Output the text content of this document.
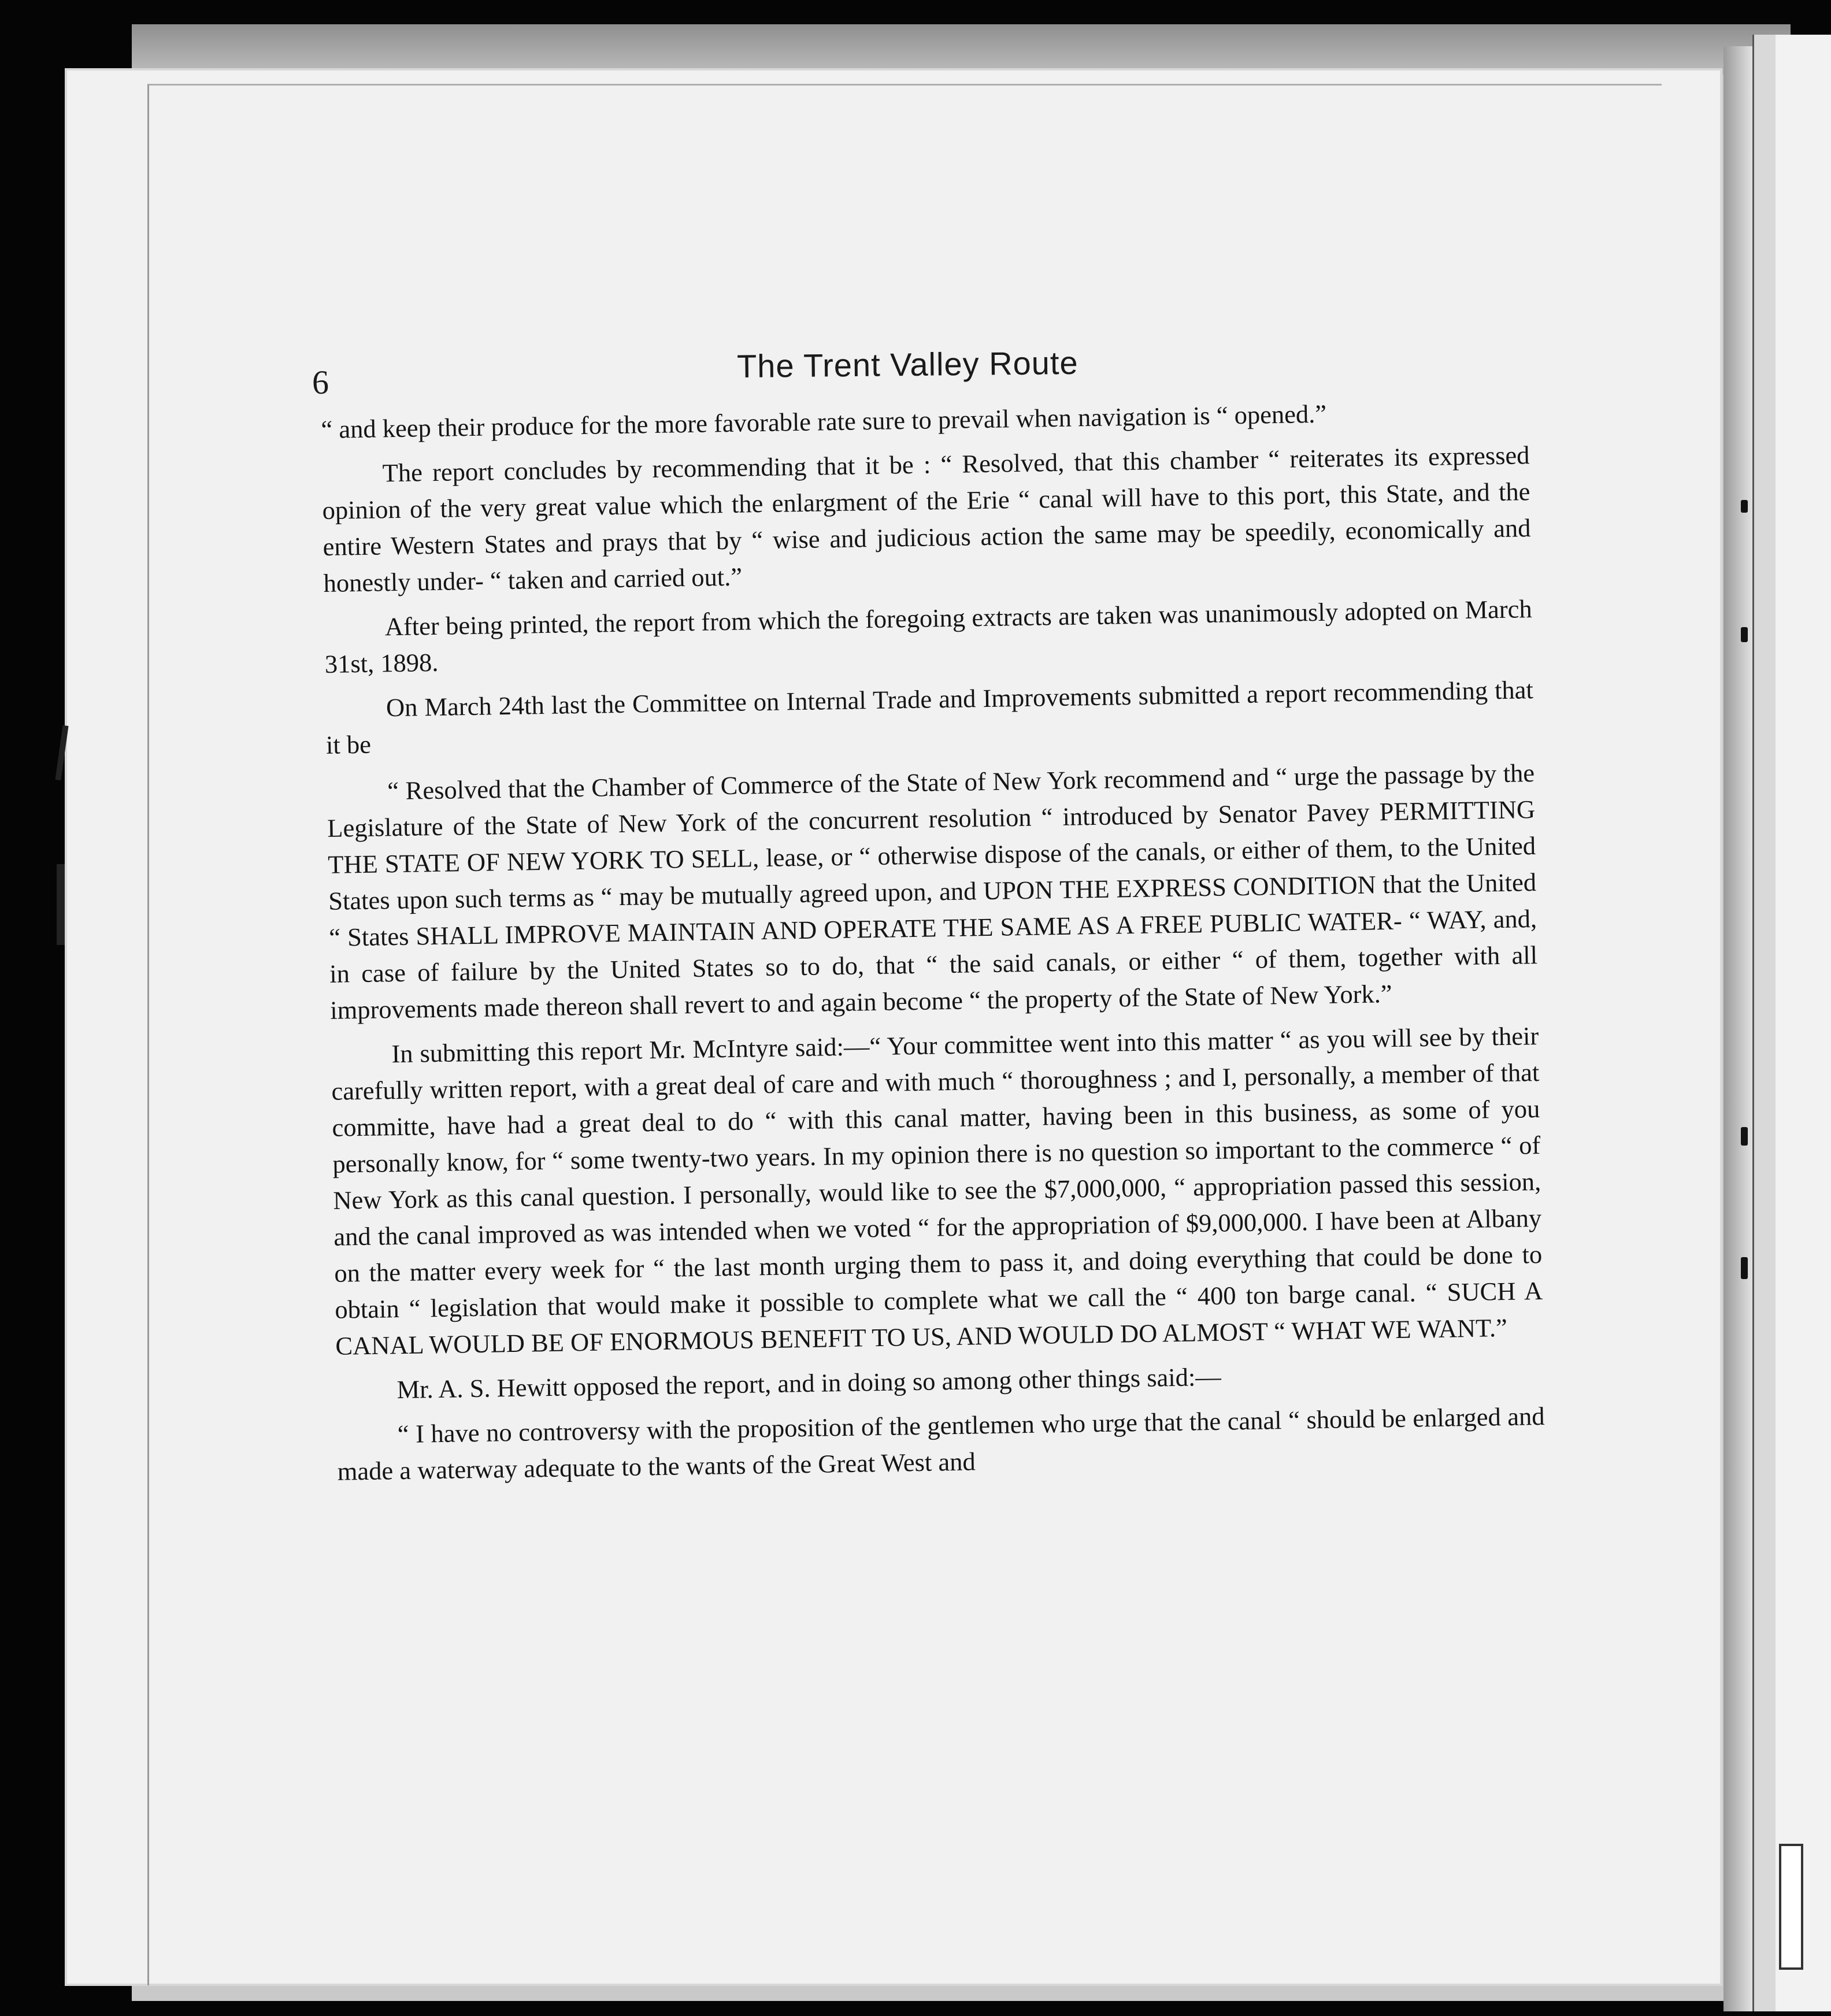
6	The Trent Valley Route

“ and keep their produce for the more favorable rate sure to prevail when navigation is “ opened.”

The report concludes by recommending that it be : “ Resolved, that this chamber “ reiterates its expressed opinion of the very great value which the enlargment of the Erie “ canal will have to this port, this State, and the entire Western States and prays that by “ wise and judicious action the same may be speedily, economically and honestly under- “ taken and carried out.”

After being printed, the report from which the foregoing extracts are taken was unanimously adopted on March 31st, 1898.

On March 24th last the Committee on Internal Trade and Improvements submitted a report recommending that it be

“ Resolved that the Chamber of Commerce of the State of New York recommend and “ urge the passage by the Legislature of the State of New York of the concurrent resolution “ introduced by Senator Pavey PERMITTING THE STATE OF NEW YORK TO SELL, lease, or “ otherwise dispose of the canals, or either of them, to the United States upon such terms as “ may be mutually agreed upon, and UPON THE EXPRESS CONDITION that the United “ States SHALL IMPROVE MAINTAIN AND OPERATE THE SAME AS A FREE PUBLIC WATER- “ WAY, and, in case of failure by the United States so to do, that “ the said canals, or either “ of them, together with all improvements made thereon shall revert to and again become “ the property of the State of New York.”

In submitting this report Mr. McIntyre said:—“ Your committee went into this matter “ as you will see by their carefully written report, with a great deal of care and with much “ thoroughness ; and I, personally, a member of that committe, have had a great deal to do “ with this canal matter, having been in this business, as some of you personally know, for “ some twenty-two years. In my opinion there is no question so important to the commerce “ of New York as this canal question. I personally, would like to see the $7,000,000, “ appropriation passed this session, and the canal improved as was intended when we voted “ for the appropriation of $9,000,000. I have been at Albany on the matter every week for “ the last month urging them to pass it, and doing everything that could be done to obtain “ legislation that would make it possible to complete what we call the “ 400 ton barge canal. “ SUCH A CANAL WOULD BE OF ENORMOUS BENEFIT TO US, AND WOULD DO ALMOST “ WHAT WE WANT.”

Mr. A. S. Hewitt opposed the report, and in doing so among other things said:—

“ I have no controversy with the proposition of the gentlemen who urge that the canal “ should be enlarged and made a waterway adequate to the wants of the Great West and
